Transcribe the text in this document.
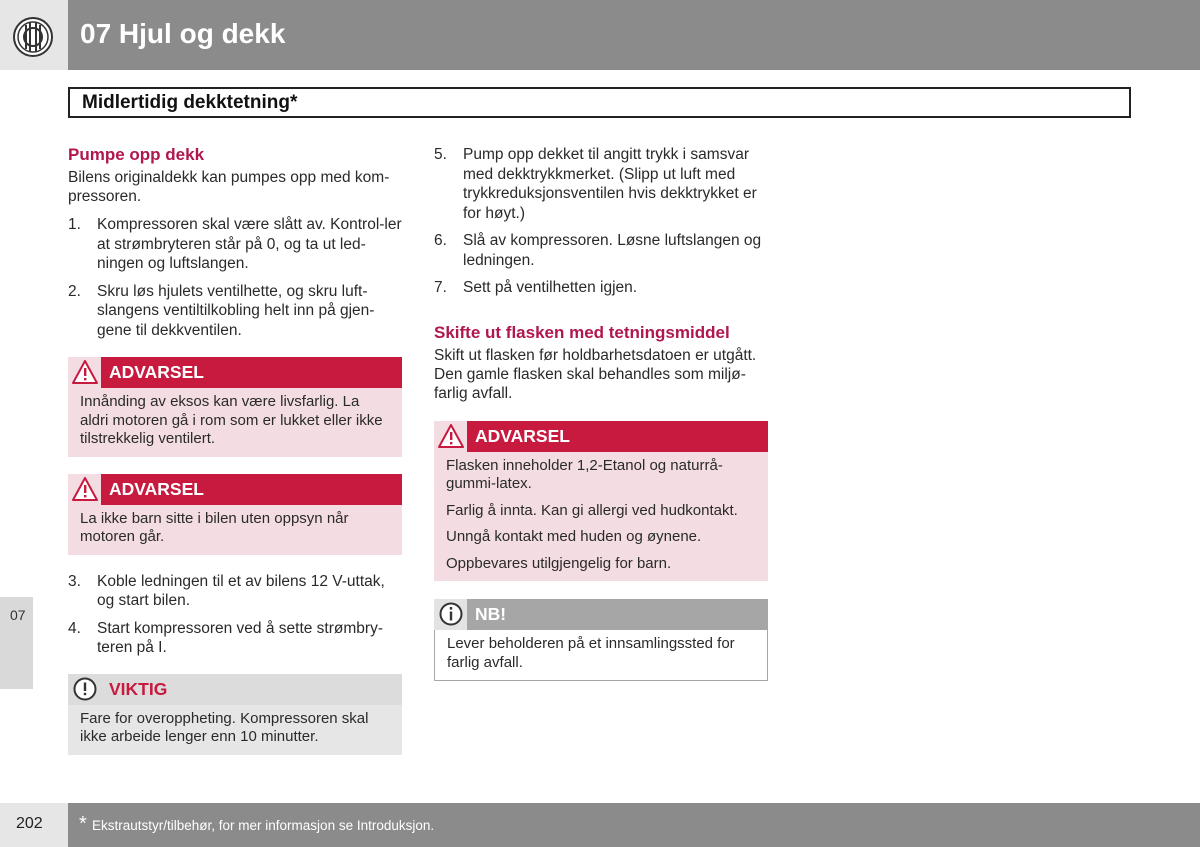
07 Hjul og dekk
Midlertidig dekktetning*
07
Pumpe opp dekk

Bilens originaldekk kan pumpes opp med kom-pressoren.

1. Kompressoren skal være slått av. Kontrol-ler at strømbryteren står på 0, og ta ut led-ningen og luftslangen.
2. Skru løs hjulets ventilhette, og skru luft-slangens ventiltilkobling helt inn på gjen-gene til dekkventilen.
ADVARSEL

Innånding av eksos kan være livsfarlig. La aldri motoren gå i rom som er lukket eller ikke tilstrekkelig ventilert.

ADVARSEL

La ikke barn sitte i bilen uten oppsyn når motoren går.

3. Koble ledningen til et av bilens 12 V-uttak, og start bilen.
4. Start kompressoren ved å sette strømbry-teren på I.
VIKTIG

Fare for overoppheting. Kompressoren skal ikke arbeide lenger enn 10 minutter.

5. Pump opp dekket til angitt trykk i samsvar med dekktrykkmerket. (Slipp ut luft med trykkreduksjonsventilen hvis dekktrykket er for høyt.)
6. Slå av kompressoren. Løsne luftslangen og ledningen.
7. Sett på ventilhetten igjen.
Skifte ut flasken med tetningsmiddel

Skift ut flasken før holdbarhetsdatoen er utgått. Den gamle flasken skal behandles som miljø-farlig avfall.

ADVARSEL

Flasken inneholder 1,2-Etanol og naturrå-gummi-latex.

Farlig å innta. Kan gi allergi ved hudkontakt.

Unngå kontakt med huden og øynene.

Oppbevares utilgjengelig for barn.

NB!

Lever beholderen på et innsamlingssted for farlig avfall.

202 * Ekstrautstyr/tilbehør, for mer informasjon se Introduksjon.
